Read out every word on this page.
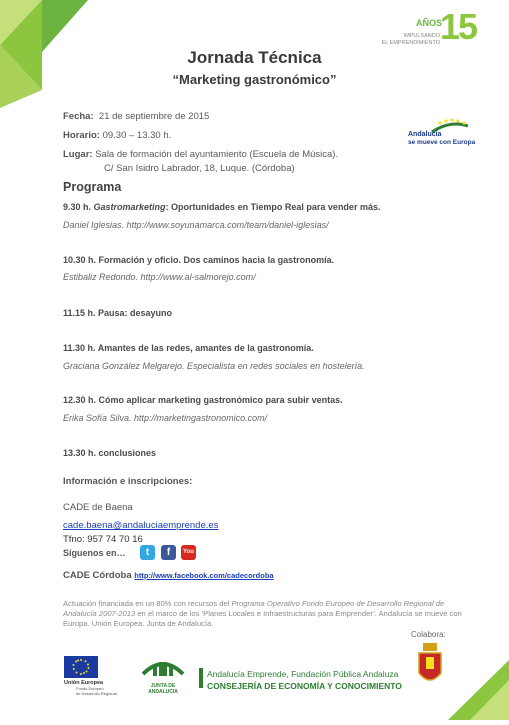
AÑOS
15
IMPULSANDO
EL EMPRENDIMIENTO
Jornada Técnica
“Marketing gastronómico”
Fecha: 21 de septiembre de 2015
Horario: 09.30 – 13.30 h.
Lugar: Sala de formación del ayuntamiento (Escuela de Música).
C/ San Isidro Labrador, 18, Luque. (Córdoba)
Andalucía
se mueve con Europa
Programa
9.30 h. Gastromarketing: Oportunidades en Tiempo Real para vender más.
Daniel Iglesias. http://www.soyunamarca.com/team/daniel-iglesias/
10.30 h. Formación y oficio. Dos caminos hacia la gastronomía.
Estibaliz Redondo. http://www.al-salmorejo.com/
11.15 h. Pausa: desayuno
11.30 h. Amantes de las redes, amantes de la gastronomía.
Graciana González Melgarejo. Especialista en redes sociales en hostelería.
12.30 h. Cómo aplicar marketing gastronómico para subir ventas.
Erika Sofía Silva. http://marketingastronomico.com/
13.30 h. conclusiones
Información e inscripciones:
CADE de Baena
cade.baena@andaluciaemprende.es
Tfno: 957 74 70 16
Síguenos en…	t	f	You
CADE Córdoba http://www.facebook.com/cadecordoba
Actuación financiada en un 80% con recursos del Programa Operativo Fondo Europeo de Desarrollo Regional de Andalucía 2007-2013 en el marco de los ‘Planes Locales e Infraestructuras para Emprender’. Andalucía se mueve con Europa. Unión Europea. Junta de Andalucía.
Colabora:
Unión Europea
Fondo Europeo
de Desarrollo Regional
JUNTA DE ANDALUCIA
Andalucía Emprende, Fundación Pública Andaluza
CONSEJERÍA DE ECONOMÍA Y CONOCIMIENTO
